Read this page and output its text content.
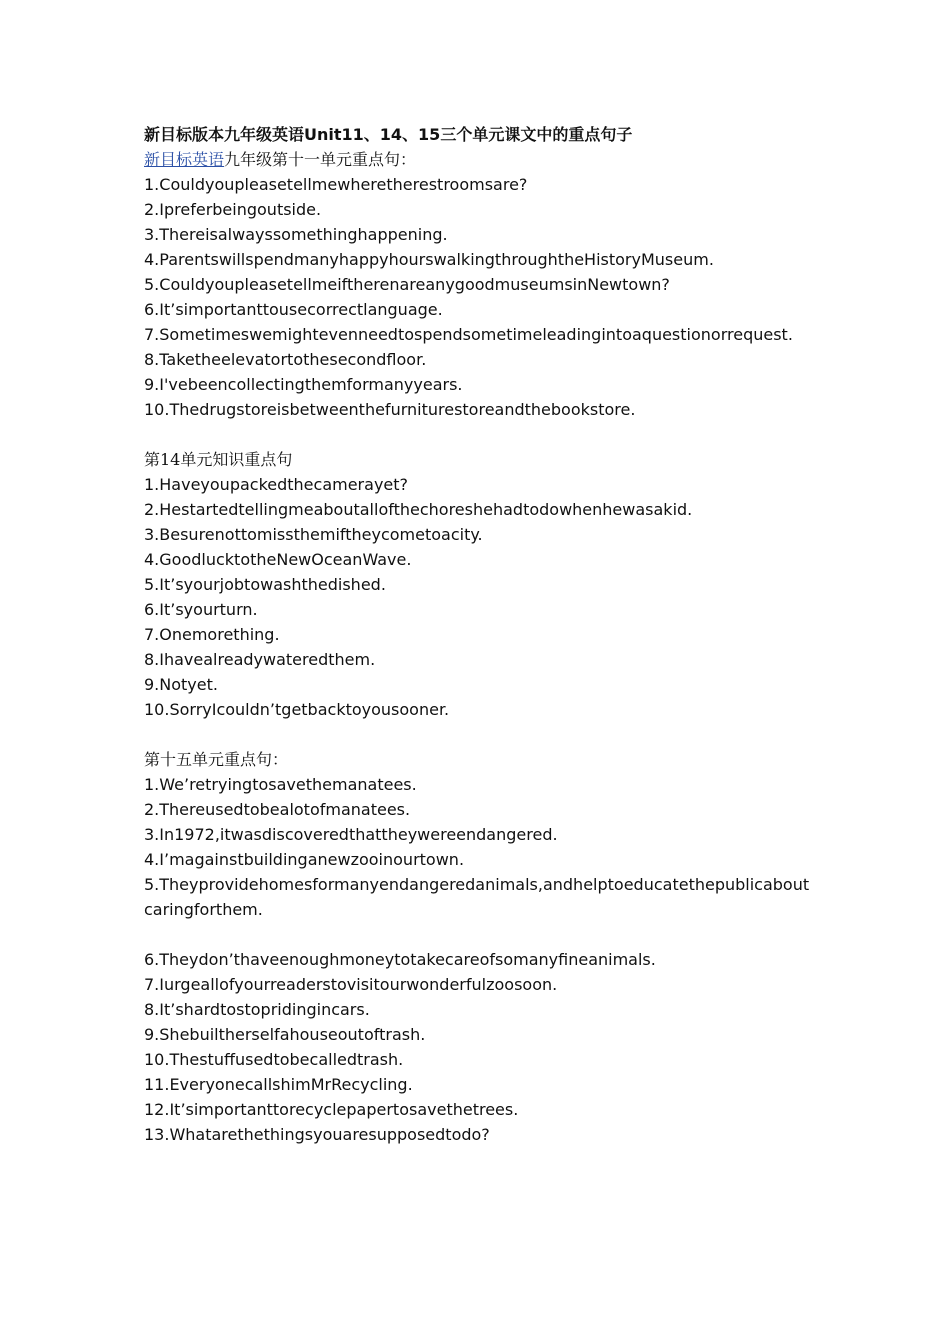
新目标版本九年级英语Unit11、14、15三个单元课文中的重点句子
新目标英语九年级第十一单元重点句：
1.Couldyoupleasetellmewheretherestroomsare?
2.Ipreferbeingoutside.
3.Thereisalwayssomethinghappening.
4.ParentswillspendmanyhappyhourswalkingthroughtheHistoryMuseum.
5.CouldyoupleasetellmeiftherenareanygoodmuseumsinNewtown?
6.It’simportanttousecorrectlanguage.
7.Sometimeswemightevenneedtospendsometimeleadingintoaquestionorrequest.
8.Taketheelevatortothesecondfloor.
9.I'vebeencollectingthemformanyyears.
10.Thedrugstoreisbetweenthefurniturestoreandthebookstore.
第14单元知识重点句
1.Haveyoupackedthecamerayet?
2.Hestartedtellingmeaboutallofthechoreshehadtodowhenhewasakid.
3.Besurenottomissthemiftheycometoacity.
4.GoodlucktotheNewOceanWave.
5.It’syourjobtowashthedished.
6.It’syourturn.
7.Onemorething.
8.Ihavealreadywateredthem.
9.Notyet.
10.SorryIcouldn’tgetbacktoyousooner.
第十五单元重点句：
1.We’retryingtosavethemanatees.
2.Thereusedtobealotofmanatees.
3.In1972,itwasdiscoveredthattheywereendangered.
4.I’magainstbuildinganewzooinourtown.
5.Theyprovidehomesformanyendangeredanimals,andhelptoeducatethepublicaboutcaringforthem.
6.Theydon’thaveenoughmoneytotakecareofsomanyfineanimals.
7.Iurgeallofyourreaderstovisitourwonderfulzoosoon.
8.It’shardtostopridingincars.
9.Shebuiltherselfahouseoutoftrash.
10.Thestuffusedtobecalledtrash.
11.EveryonecallshimMrRecycling.
12.It’simportanttorecyclepapertosavethetrees.
13.Whatarethethingsyouaresupposedtodo?
